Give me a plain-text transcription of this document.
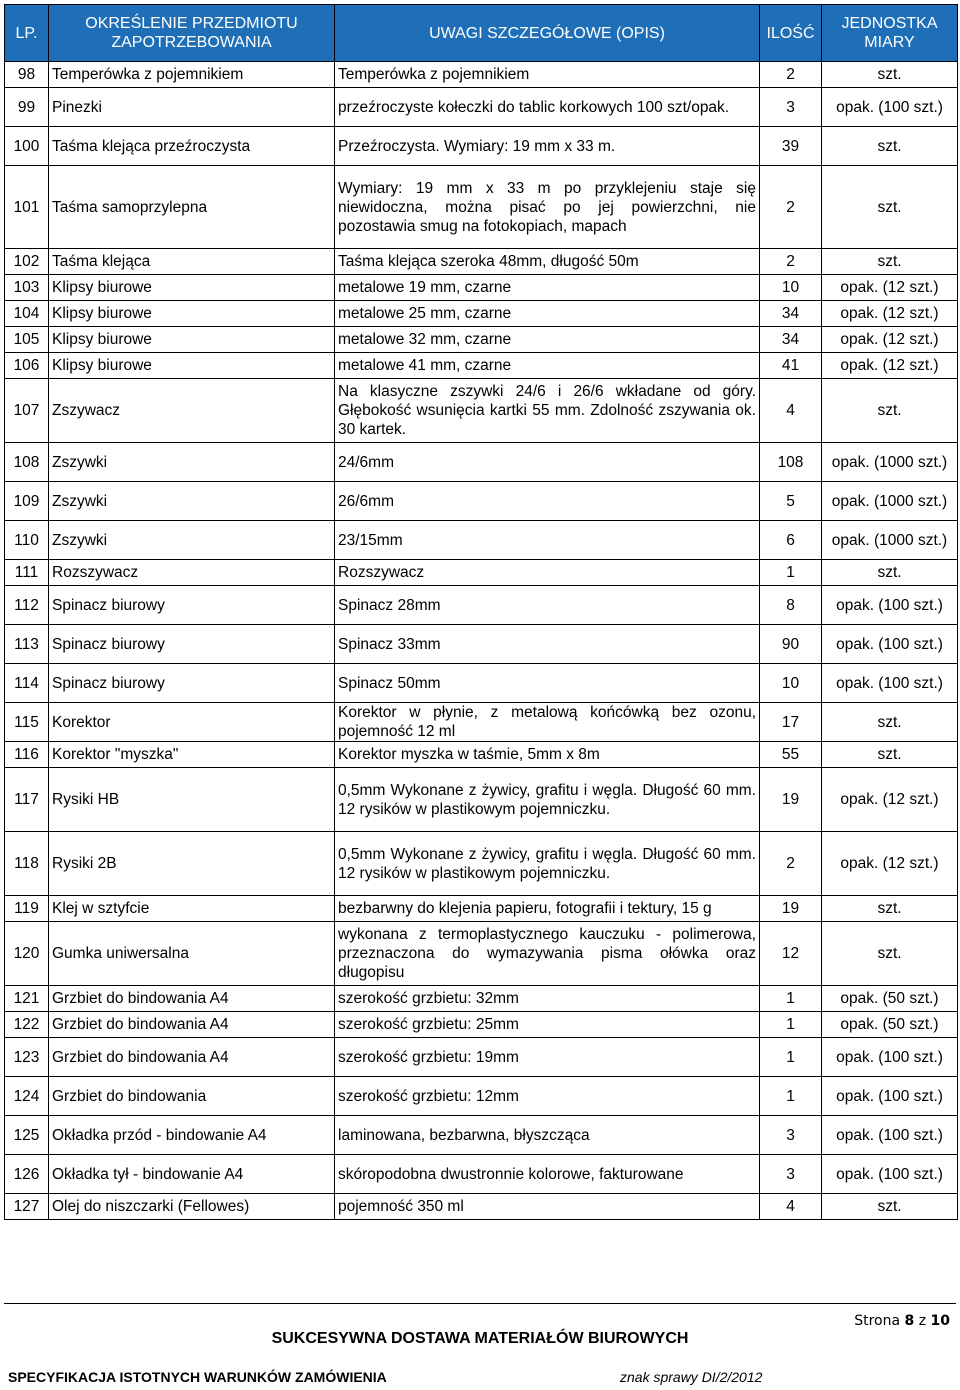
LP.	OKREŚLENIE PRZEDMIOTU ZAPOTRZEBOWANIA	UWAGI SZCZEGÓŁOWE (OPIS)	ILOŚĆ	JEDNOSTKA MIARY
98	Temperówka z pojemnikiem	Temperówka z pojemnikiem	2	szt.
99	Pinezki	przeźroczyste kołeczki do tablic korkowych 100 szt/opak.	3	opak. (100 szt.)
100	Taśma klejąca przeźroczysta	Przeźroczysta. Wymiary: 19 mm x 33 m.	39	szt.
101	Taśma samoprzylepna	Wymiary: 19 mm x 33 m po przyklejeniu staje się niewidoczna, można pisać po jej powierzchni, nie pozostawia smug na fotokopiach, mapach	2	szt.
102	Taśma klejąca	Taśma klejąca szeroka 48mm, długość 50m	2	szt.
103	Klipsy biurowe	metalowe 19 mm, czarne	10	opak. (12 szt.)
104	Klipsy biurowe	metalowe 25 mm, czarne	34	opak. (12 szt.)
105	Klipsy biurowe	metalowe 32 mm, czarne	34	opak. (12 szt.)
106	Klipsy biurowe	metalowe 41 mm, czarne	41	opak. (12 szt.)
107	Zszywacz	Na klasyczne zszywki 24/6 i 26/6 wkładane od góry. Głębokość wsunięcia kartki 55 mm. Zdolność zszywania ok. 30 kartek.	4	szt.
108	Zszywki	24/6mm	108	opak. (1000 szt.)
109	Zszywki	26/6mm	5	opak. (1000 szt.)
110	Zszywki	23/15mm	6	opak. (1000 szt.)
111	Rozszywacz	Rozszywacz	1	szt.
112	Spinacz biurowy	Spinacz 28mm	8	opak. (100 szt.)
113	Spinacz biurowy	Spinacz 33mm	90	opak. (100 szt.)
114	Spinacz biurowy	Spinacz 50mm	10	opak. (100 szt.)
115	Korektor	Korektor w płynie, z metalową końcówką bez ozonu, pojemność 12 ml	17	szt.
116	Korektor "myszka"	Korektor myszka w taśmie, 5mm x 8m	55	szt.
117	Rysiki HB	0,5mm Wykonane z żywicy, grafitu i węgla. Długość 60 mm. 12 rysików w plastikowym pojemniczku.	19	opak. (12 szt.)
118	Rysiki 2B	0,5mm Wykonane z żywicy, grafitu i węgla. Długość 60 mm. 12 rysików w plastikowym pojemniczku.	2	opak. (12 szt.)
119	Klej w sztyfcie	bezbarwny do klejenia papieru, fotografii i tektury, 15 g	19	szt.
120	Gumka uniwersalna	wykonana z termoplastycznego kauczuku - polimerowa, przeznaczona do wymazywania pisma ołówka oraz długopisu	12	szt.
121	Grzbiet do bindowania A4	szerokość grzbietu: 32mm	1	opak. (50 szt.)
122	Grzbiet do bindowania A4	szerokość grzbietu: 25mm	1	opak. (50 szt.)
123	Grzbiet do bindowania A4	szerokość grzbietu: 19mm	1	opak. (100 szt.)
124	Grzbiet do bindowania	szerokość grzbietu: 12mm	1	opak. (100 szt.)
125	Okładka przód - bindowanie A4	laminowana, bezbarwna, błyszcząca	3	opak. (100 szt.)
126	Okładka tył - bindowanie A4	skóropodobna dwustronnie kolorowe, fakturowane	3	opak. (100 szt.)
127	Olej do niszczarki (Fellowes)	pojemność 350 ml	4	szt.
Strona 8 z 10
SUKCESYWNA DOSTAWA MATERIAŁÓW BIUROWYCH
SPECYFIKACJA ISTOTNYCH WARUNKÓW ZAMÓWIENIA	znak sprawy DI/2/2012
